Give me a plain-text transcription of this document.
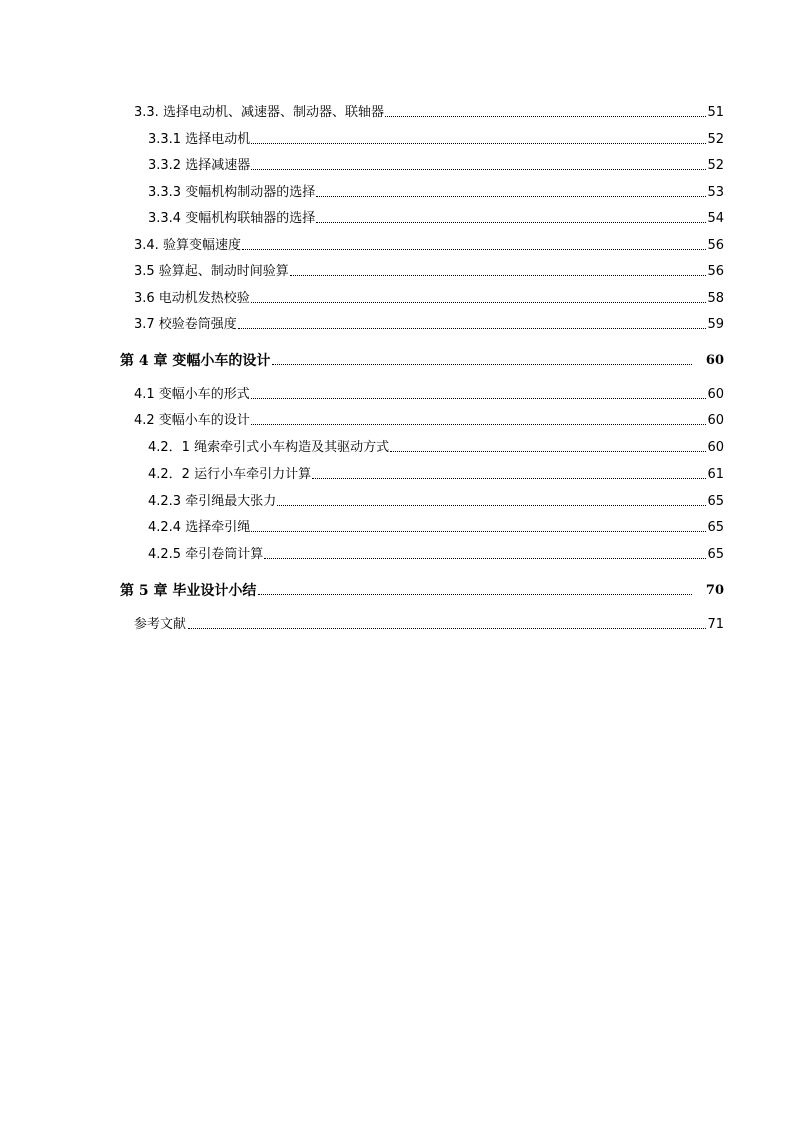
3.3. 选择电动机、减速器、制动器、联轴器	51
3.3.1 选择电动机	52
3.3.2 选择减速器	52
3.3.3 变幅机构制动器的选择	53
3.3.4 变幅机构联轴器的选择	54
3.4. 验算变幅速度	56
3.5 验算起、制动时间验算	56
3.6 电动机发热校验	58
3.7 校验卷筒强度	59
第 4 章 变幅小车的设计	60
4.1 变幅小车的形式	60
4.2 变幅小车的设计	60
4.2．1 绳索牵引式小车构造及其驱动方式	60
4.2．2 运行小车牵引力计算	61
4.2.3 牵引绳最大张力	65
4.2.4 选择牵引绳	65
4.2.5 牵引卷筒计算	65
第 5 章 毕业设计小结	70
参考文献	71
